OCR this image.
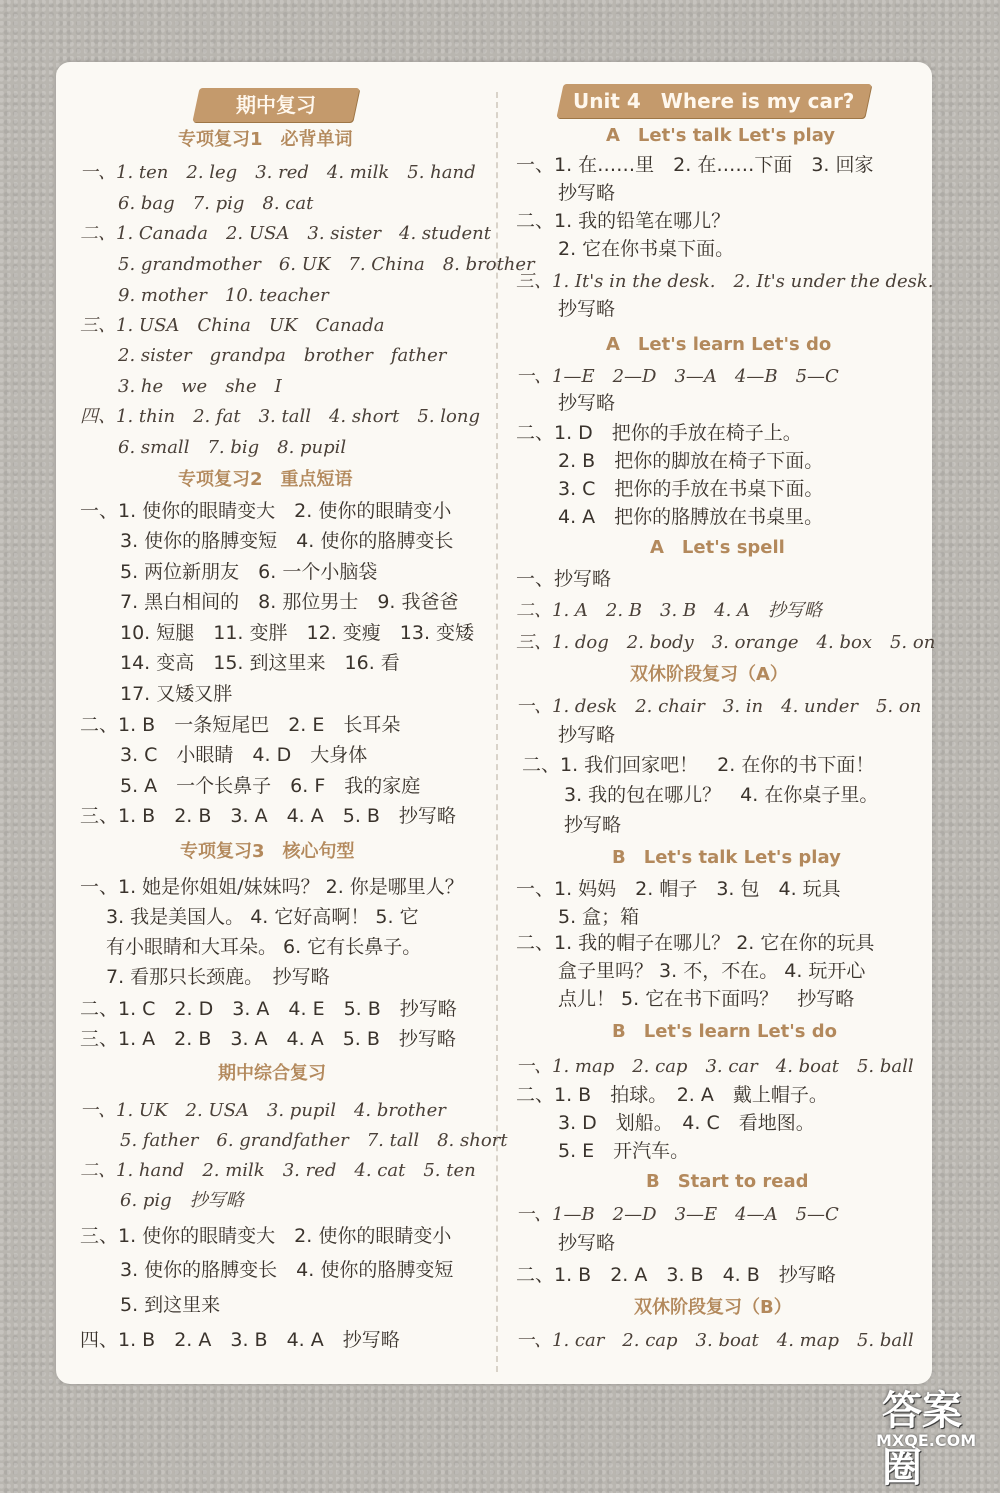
期中复习
专项复习1　必背单词
一、1. ten　2. leg　3. red　4. milk　5. hand
6. bag　7. pig　8. cat
二、1. Canada　2. USA　3. sister　4. student
5. grandmother　6. UK　7. China　8. brother
9. mother　10. teacher
三、1. USA　China　UK　Canada
2. sister　grandpa　brother　father
3. he　we　she　I
四、1. thin　2. fat　3. tall　4. short　5. long
6. small　7. big　8. pupil
专项复习2　重点短语
一、1. 使你的眼睛变大　2. 使你的眼睛变小
3. 使你的胳膊变短　4. 使你的胳膊变长
5. 两位新朋友　6. 一个小脑袋
7. 黑白相间的　8. 那位男士　9. 我爸爸
10. 短腿　11. 变胖　12. 变瘦　13. 变矮
14. 变高　15. 到这里来　16. 看
17. 又矮又胖
二、1. B　一条短尾巴　2. E　长耳朵
3. C　小眼睛　4. D　大身体
5. A　一个长鼻子　6. F　我的家庭
三、1. B　2. B　3. A　4. A　5. B　抄写略
专项复习3　核心句型
一、1. 她是你姐姐/妹妹吗？ 2. 你是哪里人？
3. 我是美国人。 4. 它好高啊！ 5. 它
有小眼睛和大耳朵。 6. 它有长鼻子。
7. 看那只长颈鹿。　抄写略
二、1. C　2. D　3. A　4. E　5. B　抄写略
三、1. A　2. B　3. A　4. A　5. B　抄写略
期中综合复习
一、1. UK　2. USA　3. pupil　4. brother
5. father　6. grandfather　7. tall　8. short
二、1. hand　2. milk　3. red　4. cat　5. ten
6. pig　抄写略
三、1. 使你的眼睛变大　2. 使你的眼睛变小
3. 使你的胳膊变长　4. 使你的胳膊变短
5. 到这里来
四、1. B　2. A　3. B　4. A　抄写略
Unit 4　Where is my car?
A　Let's talk Let's play
一、1. 在……里　2. 在……下面　3. 回家
抄写略
二、1. 我的铅笔在哪儿？
2. 它在你书桌下面。
三、1. It's in the desk.　2. It's under the desk.
抄写略
A　Let's learn Let's do
一、1—E　2—D　3—A　4—B　5—C
抄写略
二、1. D　把你的手放在椅子上。
2. B　把你的脚放在椅子下面。
3. C　把你的手放在书桌下面。
4. A　把你的胳膊放在书桌里。
A　Let's spell
一、抄写略
二、1. A　2. B　3. B　4. A　抄写略
三、1. dog　2. body　3. orange　4. box　5. on
双休阶段复习（A）
一、1. desk　2. chair　3. in　4. under　5. on
抄写略
二、1. 我们回家吧！　2. 在你的书下面！
3. 我的包在哪儿？　4. 在你桌子里。
抄写略
B　Let's talk Let's play
一、1. 妈妈　2. 帽子　3. 包　4. 玩具
5. 盒；箱
二、1. 我的帽子在哪儿？ 2. 它在你的玩具
盒子里吗？ 3. 不，不在。 4. 玩开心
点儿！ 5. 它在书下面吗？　抄写略
B　Let's learn Let's do
一、1. map　2. cap　3. car　4. boat　5. ball
二、1. B　拍球。　2. A　戴上帽子。
3. D　划船。　4. C　看地图。
5. E　开汽车。
B　Start to read
一、1—B　2—D　3—E　4—A　5—C
抄写略
二、1. B　2. A　3. B　4. B　抄写略
双休阶段复习（B）
一、1. car　2. cap　3. boat　4. map　5. ball
答案圈
MXQE.COM
